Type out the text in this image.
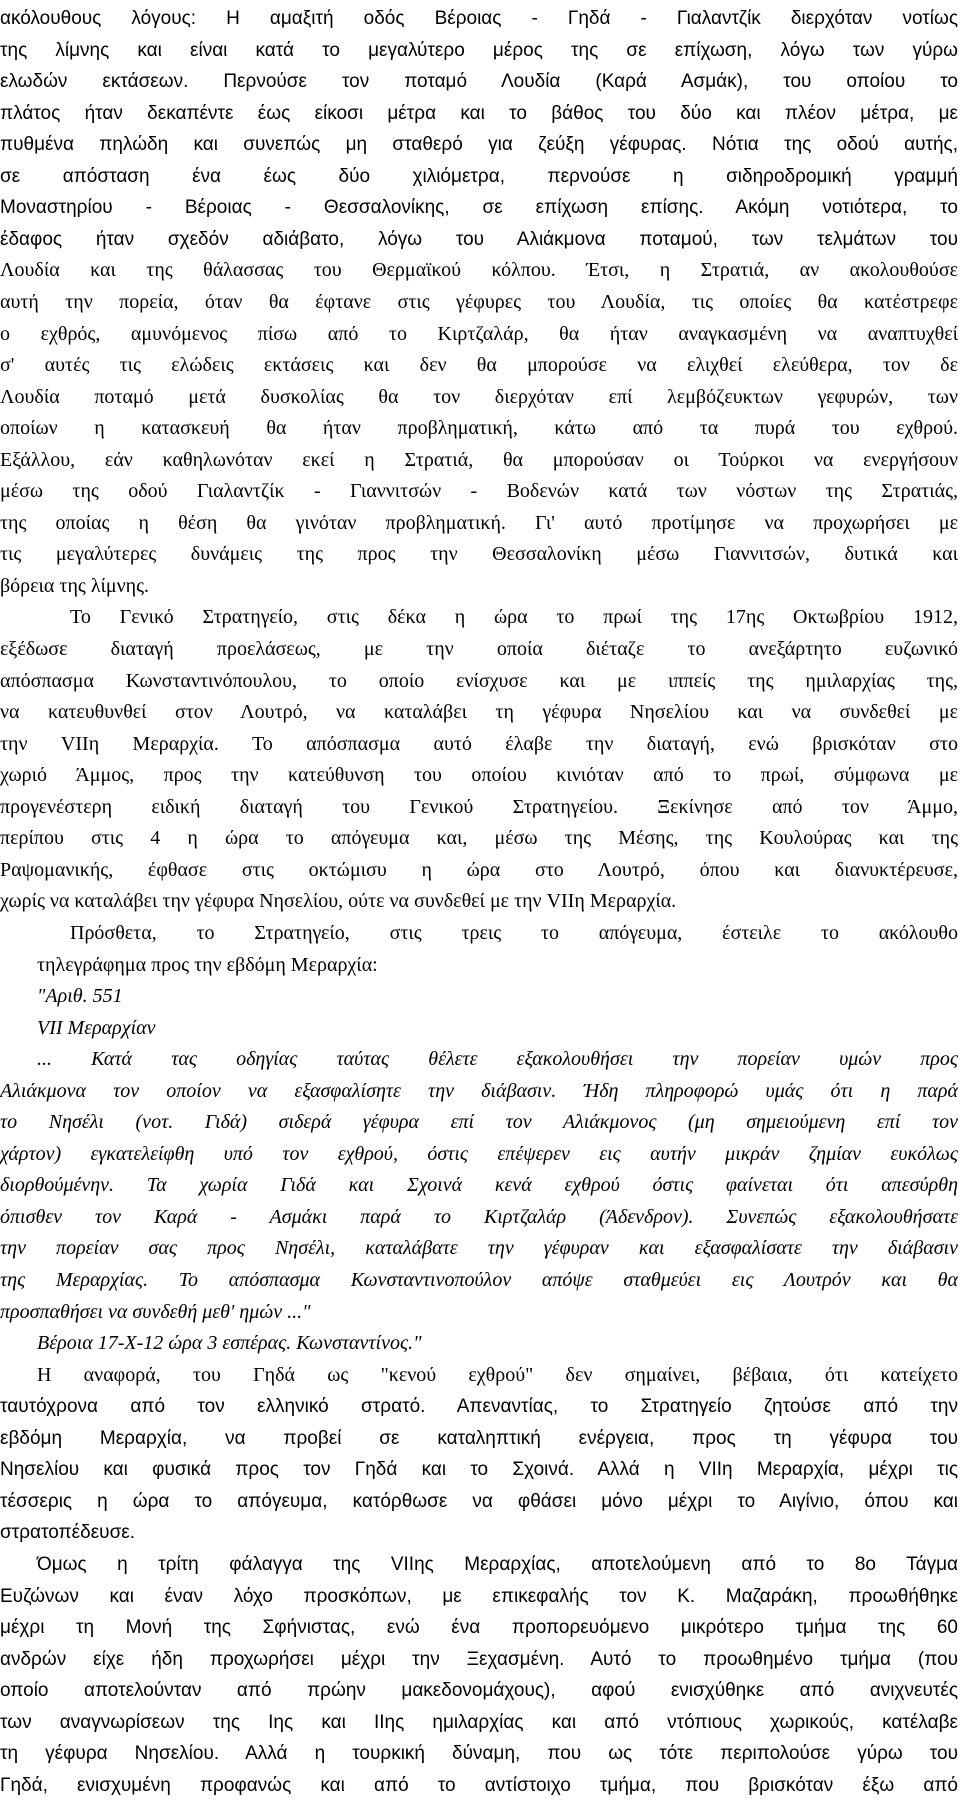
ακόλουθους λόγους: Η αμαξιτή οδός Βέροιας - Γηδά - Γιαλαντζίκ διερχόταν νοτίως
της λίμνης και είναι κατά το μεγαλύτερο μέρος της σε επίχωση, λόγω των γύρω
ελωδών εκτάσεων. Περνούσε τον ποταμό Λουδία (Καρά Ασμάκ), του οποίου το
πλάτος ήταν δεκαπέντε έως είκοσι μέτρα και το βάθος του δύο και πλέον μέτρα, με
πυθμένα πηλώδη και συνεπώς μη σταθερό για ζεύξη γέφυρας. Νότια της οδού αυτής,
σε απόσταση ένα έως δύο χιλιόμετρα, περνούσε η σιδηροδρομική γραμμή
Μοναστηρίου - Βέροιας - Θεσσαλονίκης, σε επίχωση επίσης. Ακόμη νοτιότερα, το
έδαφος ήταν σχεδόν αδιάβατο, λόγω του Αλιάκμονα ποταμού, των τελμάτων του
Λουδία και της θάλασσας του Θερμαϊκού κόλπου. Έτσι, η Στρατιά, αν ακολουθούσε
αυτή την πορεία, όταν θα έφτανε στις γέφυρες του Λουδία, τις οποίες θα κατέστρεφε
ο εχθρός, αμυνόμενος πίσω από το Κιρτζαλάρ, θα ήταν αναγκασμένη να αναπτυχθεί
σ' αυτές τις ελώδεις εκτάσεις και δεν θα μπορούσε να ελιχθεί ελεύθερα, τον δε
Λουδία ποταμό μετά δυσκολίας θα τον διερχόταν επί λεμβόζευκτων γεφυρών, των
οποίων η κατασκευή θα ήταν προβληματική, κάτω από τα πυρά του εχθρού.
Εξάλλου, εάν καθηλωνόταν εκεί η Στρατιά, θα μπορούσαν οι Τούρκοι να ενεργήσουν
μέσω της οδού Γιαλαντζίκ - Γιαννιτσών - Βοδενών κατά των νόστων της Στρατιάς,
της οποίας η θέση θα γινόταν προβληματική. Γι' αυτό προτίμησε να προχωρήσει με
τις μεγαλύτερες δυνάμεις της προς την Θεσσαλονίκη μέσω Γιαννιτσών, δυτικά και
βόρεια της λίμνης.
Το Γενικό Στρατηγείο, στις δέκα η ώρα το πρωί της 17ης Οκτωβρίου 1912,
εξέδωσε διαταγή προελάσεως, με την οποία διέταζε το ανεξάρτητο ευζωνικό
απόσπασμα Κωνσταντινόπουλου, το οποίο ενίσχυσε και με ιππείς της ημιλαρχίας της,
να κατευθυνθεί στον Λουτρό, να καταλάβει τη γέφυρα Νησελίου και να συνδεθεί με
την VIIη Μεραρχία. Το απόσπασμα αυτό έλαβε την διαταγή, ενώ βρισκόταν στο
χωριό Άμμος, προς την κατεύθυνση του οποίου κινιόταν από το πρωί, σύμφωνα με
προγενέστερη ειδική διαταγή του Γενικού Στρατηγείου. Ξεκίνησε από τον Άμμο,
περίπου στις 4 η ώρα το απόγευμα και, μέσω της Μέσης, της Κουλούρας και της
Ραψομανικής, έφθασε στις οκτώμισυ η ώρα στο Λουτρό, όπου και διανυκτέρευσε,
χωρίς να καταλάβει την γέφυρα Νησελίου, ούτε να συνδεθεί με την VIIη Μεραρχία.
Πρόσθετα, το Στρατηγείο, στις τρεις το απόγευμα, έστειλε το ακόλουθο
τηλεγράφημα προς την εβδόμη Μεραρχία:
"Αριθ. 551
VII Μεραρχίαν
... Κατά τας οδηγίας ταύτας θέλετε εξακολουθήσει την πορείαν υμών προς
Αλιάκμονα τον οποίον να εξασφαλίσητε την διάβασιν. Ήδη πληροφορώ υμάς ότι η παρά
το Νησέλι (νοτ. Γιδά) σιδερά γέφυρα επί τον Αλιάκμονος (μη σημειούμενη επί τον
χάρτον) εγκατελείφθη υπό τον εχθρού, όστις επέψερεν εις αυτήν μικράν ζημίαν ευκόλως
διορθούμένην. Τα χωρία Γιδά και Σχοινά κενά εχθρού όστις φαίνεται ότι απεσύρθη
όπισθεν τον Καρά - Ασμάκι παρά το Κιρτζαλάρ (Άδενδρον). Συνεπώς εξακολουθήσατε
την πορείαν σας προς Νησέλι, καταλάβατε την γέφυραν και εξασφαλίσατε την διάβασιν
της Μεραρχίας. Το απόσπασμα Κωνσταντινοπούλον απόψε σταθμεύει εις Λουτρόν και θα
προσπαθήσει να συνδεθή μεθ' ημών ..."
Βέροια 17-Χ-12 ώρα 3 εσπέρας. Κωνσταντίνος."
Η αναφορά, του Γηδά ως "κενού εχθρού" δεν σημαίνει, βέβαια, ότι κατείχετο
ταυτόχρονα από τον ελληνικό στρατό. Απεναντίας, το Στρατηγείο ζητούσε από την
εβδόμη Μεραρχία, να προβεί σε καταληπτική ενέργεια, προς τη γέφυρα του
Νησελίου και φυσικά προς τον Γηδά και το Σχοινά. Αλλά η VIIη Μεραρχία, μέχρι τις
τέσσερις η ώρα το απόγευμα, κατόρθωσε να φθάσει μόνο μέχρι το Αιγίνιο, όπου και
στρατοπέδευσε.
Όμως η τρίτη φάλαγγα της VIIης Μεραρχίας, αποτελούμενη από το 8ο Τάγμα
Ευζώνων και έναν λόχο προσκόπων, με επικεφαλής τον Κ. Μαζαράκη, προωθήθηκε
μέχρι τη Μονή της Σφήνιστας, ενώ ένα προπορευόμενο μικρότερο τμήμα της 60
ανδρών είχε ήδη προχωρήσει μέχρι την Ξεχασμένη. Αυτό το προωθημένο τμήμα (που
οποίο αποτελούνταν από πρώην μακεδονομάχους), αφού ενισχύθηκε από ανιχνευτές
των αναγνωρίσεων της Ιης και ΙΙης ημιλαρχίας και από ντόπιους χωρικούς, κατέλαβε
τη γέφυρα Νησελίου. Αλλά η τουρκική δύναμη, που ως τότε περιπολούσε γύρω του
Γηδά, ενισχυμένη προφανώς και από το αντίστοιχο τμήμα, που βρισκόταν έξω από
